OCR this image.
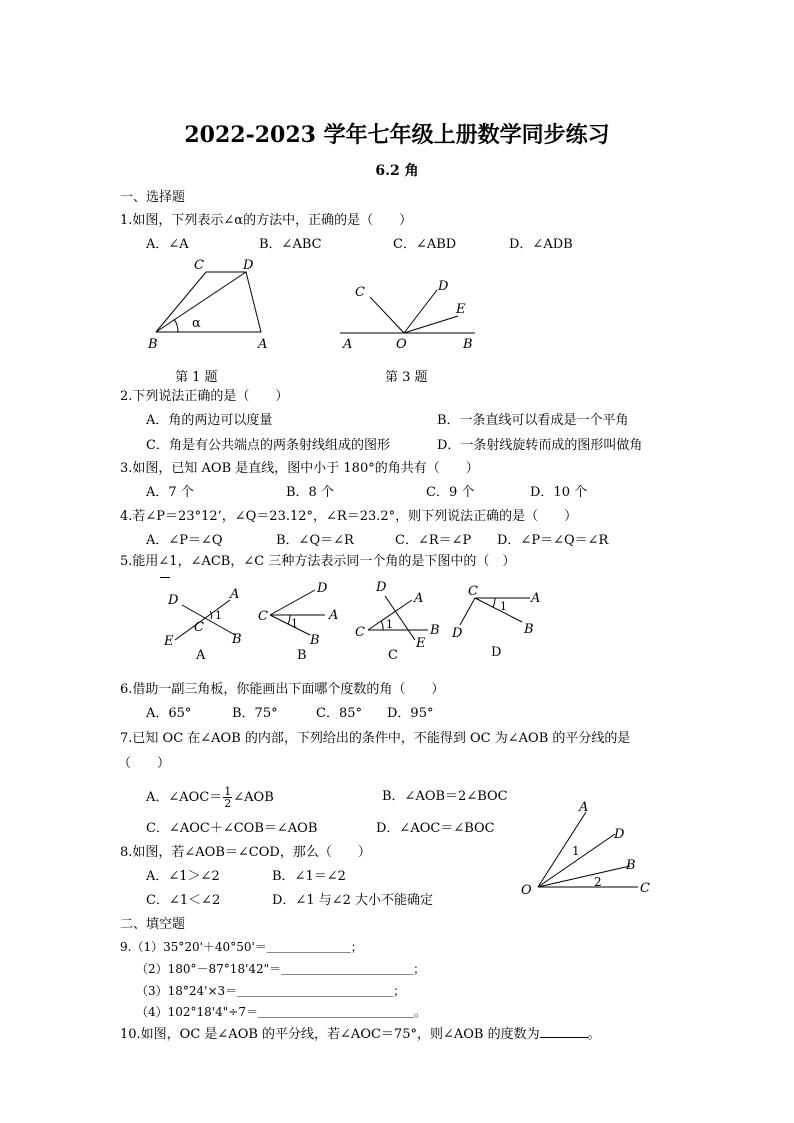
2022-2023 学年七年级上册数学同步练习
6.2 角
一、选择题
1.如图，下列表示∠α的方法中，正确的是（　　）
A．∠A	B．∠ABC	C．∠ABD	D．∠ADB
C	D
B	A
α
第 1 题
C	D
E
A	O	B
第 3 题
2.下列说法正确的是（　　）
A．角的两边可以度量	B．一条直线可以看成是一个平角
C．角是有公共端点的两条射线组成的图形	D．一条射线旋转而成的图形叫做角
3.如图，已知 AOB 是直线，图中小于 180°的角共有（　　）
A．7 个	B．8 个	C．9 个	D．10 个
4.若∠P＝23°12’，∠Q＝23.12°，∠R＝23.2°，则下列说法正确的是（　　）
A．∠P＝∠Q	B．∠Q＝∠R	C．∠R＝∠P D．∠P＝∠Q＝∠R
5.能用∠1，∠ACB，∠C 三种方法表示同一个角的是下图中的（　）
D	A
1
C
E	B
A
D
C	A
1
B
B
D
A
C
1	B
E
C
C	A
1
D	B
D
6.借助一副三角板，你能画出下面哪个度数的角（　　）
A．65°	B．75°	C．85° D．95°
7.已知 OC 在∠AOB 的内部，下列给出的条件中，不能得到 OC 为∠AOB 的平分线的是
（　　）
A．∠AOC＝ $\frac{1}{2}$ ∠AOB	B．∠AOB＝2∠BOC
C．∠AOC＋∠COB＝∠AOB	D．∠AOC＝∠BOC
8.如图，若∠AOB＝∠COD，那么（　　）
A．∠1＞∠2	B．∠1＝∠2
C．∠1＜∠2	D．∠1 与∠2 大小不能确定
A
D
1
B
2
O	C
二、填空题
9.（1）35°20'＋40°50'＝＿＿＿＿＿＿＿；
（2）180°－87°18'42"＝＿＿＿＿＿＿＿＿＿＿＿；
（3）18°24'×3＝＿＿＿＿＿＿＿＿＿＿＿＿＿；
（4）102°18'4"÷7＝＿＿＿＿＿＿＿＿＿＿＿＿＿。
10.如图，OC 是∠AOB 的平分线，若∠AOC＝75°，则∠AOB 的度数为	。
